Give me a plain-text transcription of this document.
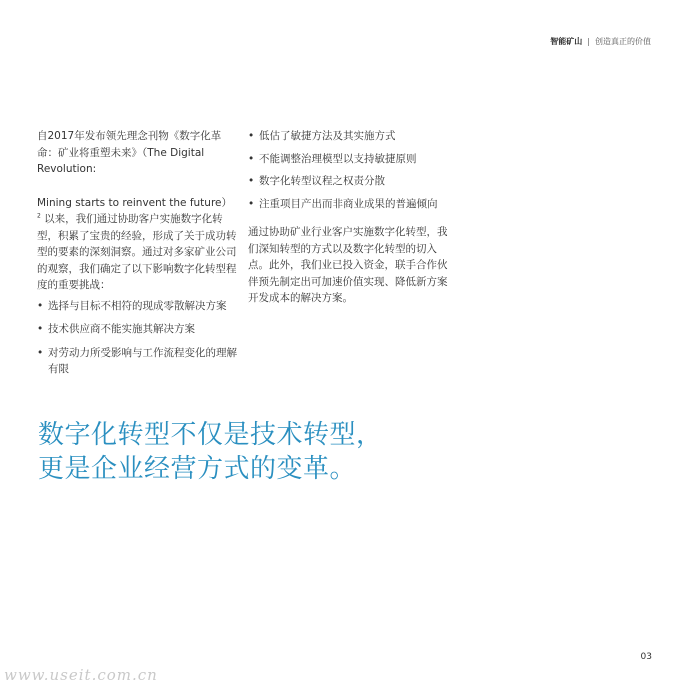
智能矿山 | 创造真正的价值

自2017年发布领先理念刊物《数字化革命：矿业将重塑未来》（The Digital Revolution:

Mining starts to reinvent the future） $^2$ 以来，我们通过协助客户实施数字化转型，积累了宝贵的经验，形成了关于成功转型的要素的深刻洞察。通过对多家矿业公司的观察，我们确定了以下影响数字化转型程度的重要挑战：

• 选择与目标不相符的现成零散解决方案
• 技术供应商不能实施其解决方案
• 对劳动力所受影响与工作流程变化的理解有限
• 低估了敏捷方法及其实施方式
• 不能调整治理模型以支持敏捷原则
• 数字化转型议程之权责分散
• 注重项目产出而非商业成果的普遍倾向

通过协助矿业行业客户实施数字化转型，我们深知转型的方式以及数字化转型的切入点。此外，我们业已投入资金，联手合作伙伴预先制定出可加速价值实现、降低新方案开发成本的解决方案。

数字化转型不仅是技术转型，
更是企业经营方式的变革。
03
www.useit.com.cn
